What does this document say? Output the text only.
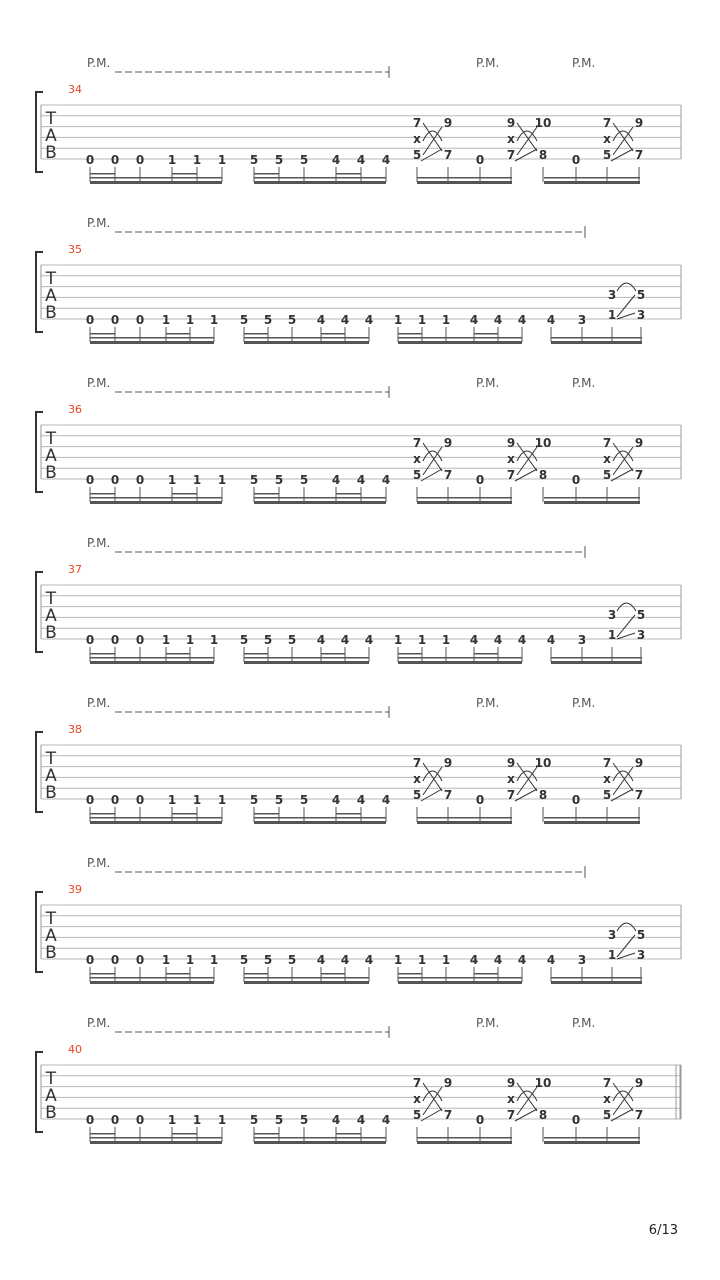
P.M.	P.M.	P.M.
34
T
A
B 0 0 0 1 1 1 5 5 5 4 4 4
7
x
5
9
7 0
9
x
7
10
8 0
7
x
5
9
7
P.M.
35
T
A
B 0 0 0 1 1 1 5 5 5 4 4 4 1 1 1 4 4 4 4 3
3
1
5
3
P.M.	P.M.	P.M.
36
T
A
B 0 0 0 1 1 1 5 5 5 4 4 4
7
x
5
9
7 0
9
x
7
10
8 0
7
x
5
9
7
P.M.
37
T
A
B 0 0 0 1 1 1 5 5 5 4 4 4 1 1 1 4 4 4 4 3
3
1
5
3
P.M.	P.M.	P.M.
38
T
A
B 0 0 0 1 1 1 5 5 5 4 4 4
7
x
5
9
7 0
9
x
7
10
8 0
7
x
5
9
7
P.M.
39
T
A
B 0 0 0 1 1 1 5 5 5 4 4 4 1 1 1 4 4 4 4 3
3
1
5
3
P.M.	P.M.	P.M.
40
T
A
B 0 0 0 1 1 1 5 5 5 4 4 4
7
x
5
9
7 0
9
x
7
10
8 0
7
x
5
9
7
6/13
